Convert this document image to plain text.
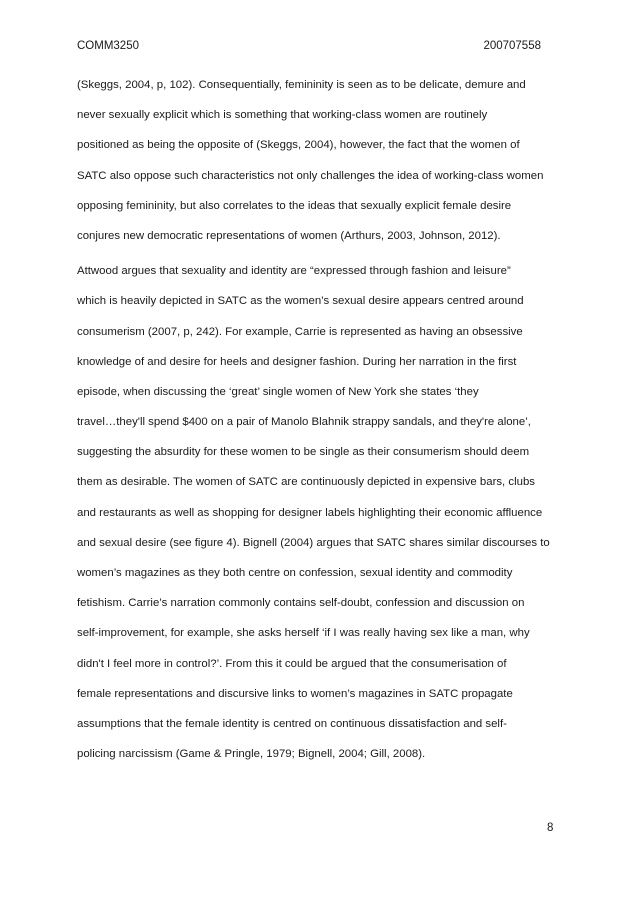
COMM3250	200707558
(Skeggs, 2004, p, 102). Consequentially, femininity is seen as to be delicate, demure and
never sexually explicit which is something that working-class women are routinely
positioned as being the opposite of (Skeggs, 2004), however, the fact that the women of
SATC also oppose such characteristics not only challenges the idea of working-class women
opposing femininity, but also correlates to the ideas that sexually explicit female desire
conjures new democratic representations of women (Arthurs, 2003, Johnson, 2012).
Attwood argues that sexuality and identity are “expressed through fashion and leisure”
which is heavily depicted in SATC as the women’s sexual desire appears centred around
consumerism (2007, p, 242). For example, Carrie is represented as having an obsessive
knowledge of and desire for heels and designer fashion. During her narration in the first
episode, when discussing the ‘great’ single women of New York she states ‘they
travel…they'll spend $400 on a pair of Manolo Blahnik strappy sandals, and they're alone’,
suggesting the absurdity for these women to be single as their consumerism should deem
them as desirable. The women of SATC are continuously depicted in expensive bars, clubs
and restaurants as well as shopping for designer labels highlighting their economic affluence
and sexual desire (see figure 4). Bignell (2004) argues that SATC shares similar discourses to
women’s magazines as they both centre on confession, sexual identity and commodity
fetishism. Carrie’s narration commonly contains self-doubt, confession and discussion on
self-improvement, for example, she asks herself ‘if I was really having sex like a man, why
didn't I feel more in control?’. From this it could be argued that the consumerisation of
female representations and discursive links to women’s magazines in SATC propagate
assumptions that the female identity is centred on continuous dissatisfaction and self-
policing narcissism (Game & Pringle, 1979; Bignell, 2004; Gill, 2008).
8
